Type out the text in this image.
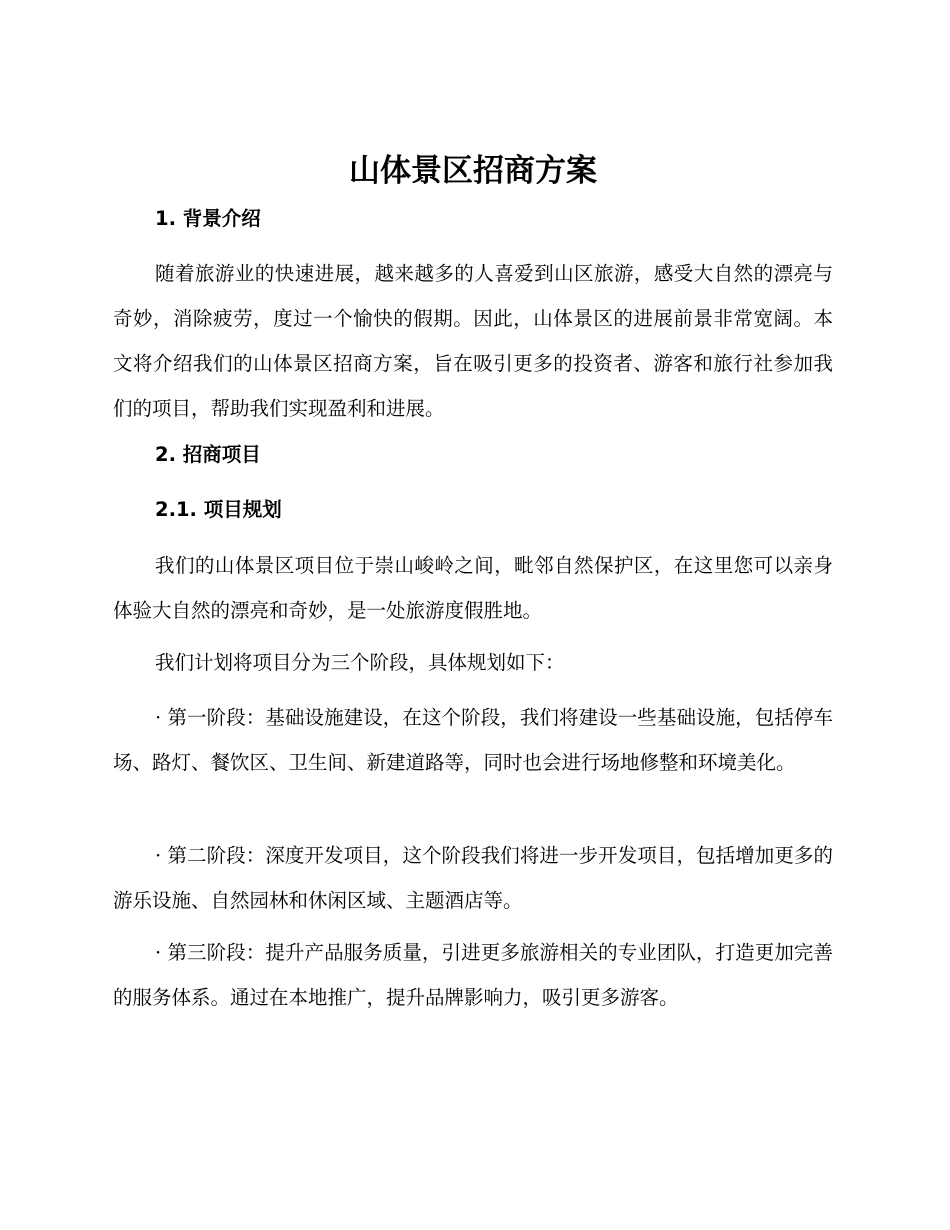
山体景区招商方案
1. 背景介绍

随着旅游业的快速进展，越来越多的人喜爱到山区旅游，感受大自然的漂亮与奇妙，消除疲劳，度过一个愉快的假期。因此，山体景区的进展前景非常宽阔。本文将介绍我们的山体景区招商方案，旨在吸引更多的投资者、游客和旅行社参加我们的项目，帮助我们实现盈利和进展。

2. 招商项目
2.1. 项目规划

我们的山体景区项目位于崇山峻岭之间，毗邻自然保护区，在这里您可以亲身体验大自然的漂亮和奇妙，是一处旅游度假胜地。

我们计划将项目分为三个阶段，具体规划如下：

· 第一阶段：基础设施建设，在这个阶段，我们将建设一些基础设施，包括停车场、路灯、餐饮区、卫生间、新建道路等，同时也会进行场地修整和环境美化。

· 第二阶段：深度开发项目，这个阶段我们将进一步开发项目，包括增加更多的游乐设施、自然园林和休闲区域、主题酒店等。

· 第三阶段：提升产品服务质量，引进更多旅游相关的专业团队，打造更加完善的服务体系。通过在本地推广，提升品牌影响力，吸引更多游客。
